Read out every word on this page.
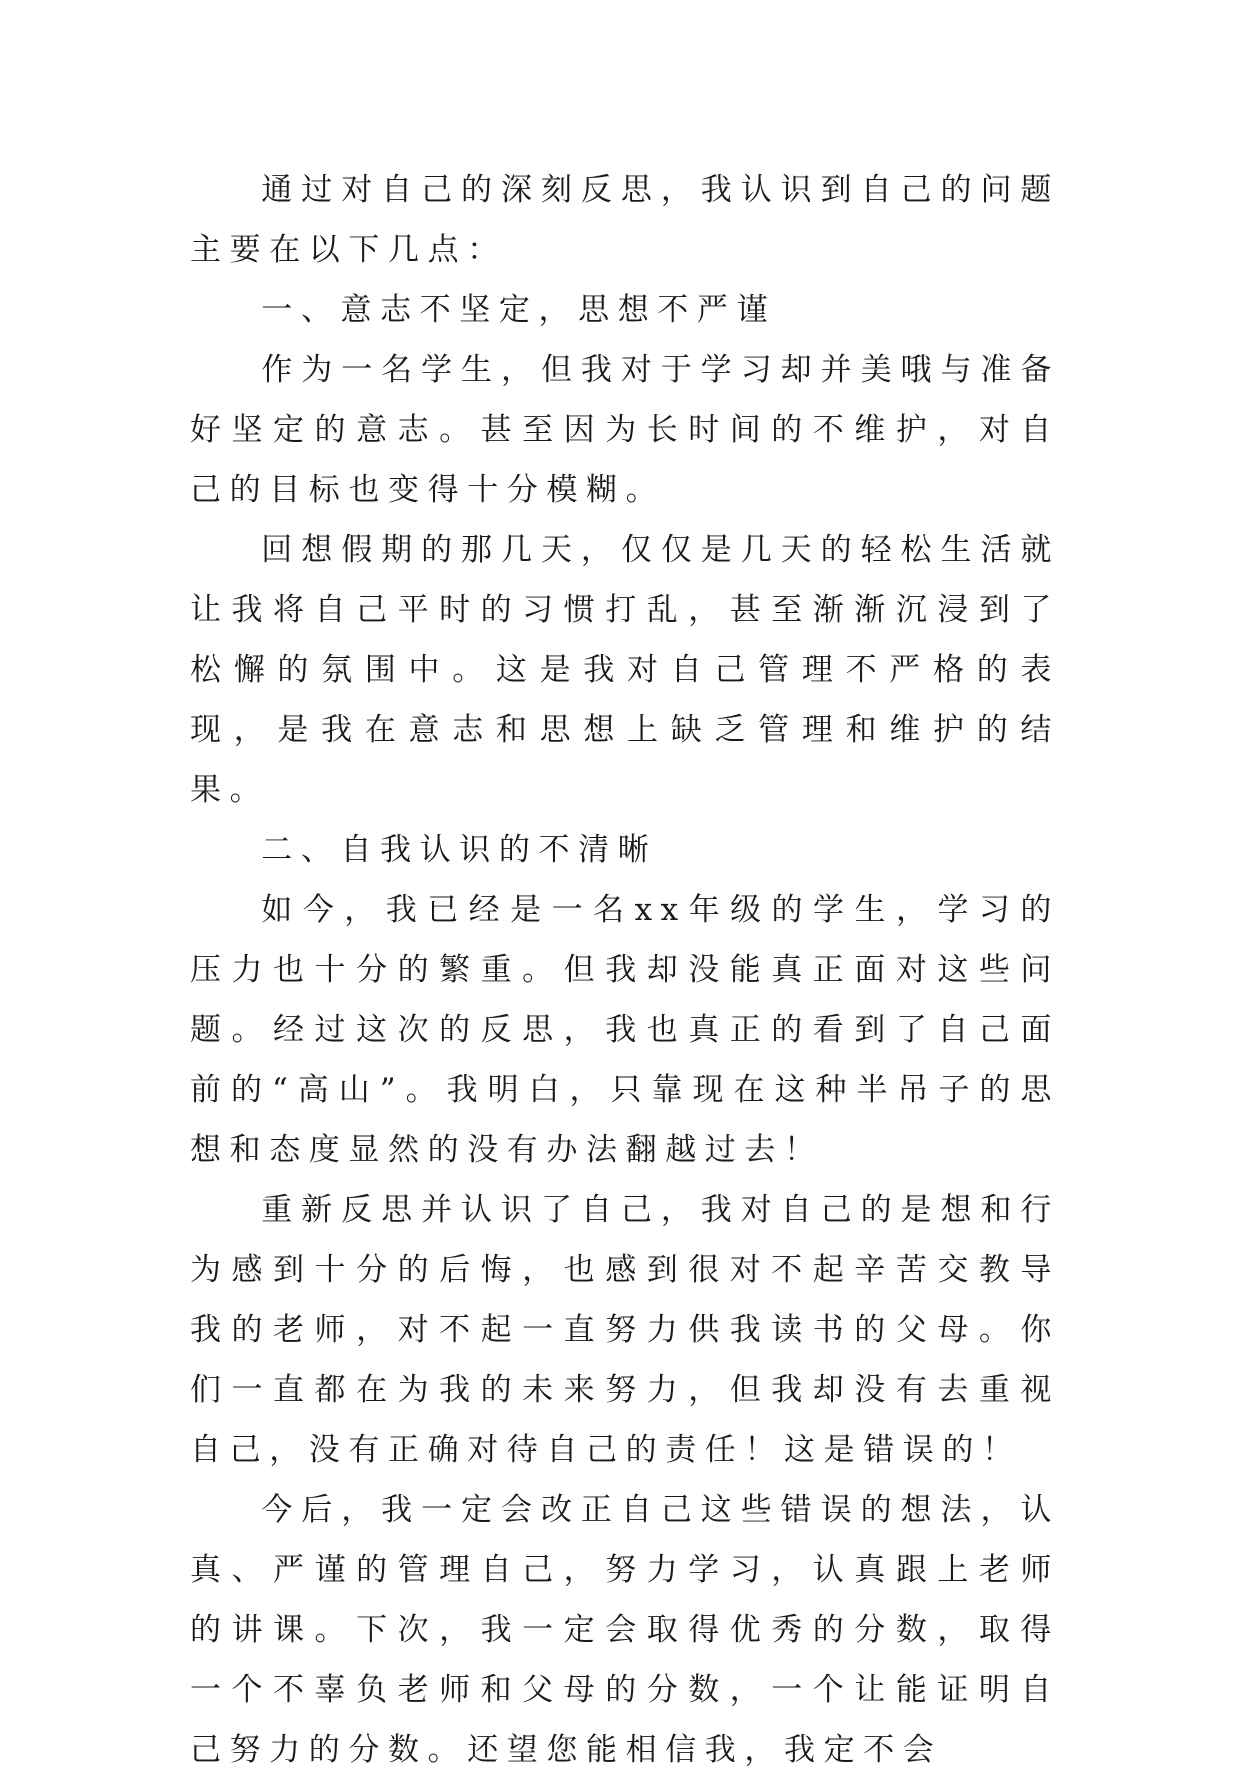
通过对自己的深刻反思，我认识到自己的问题主要在以下几点：

一、意志不坚定，思想不严谨

作为一名学生，但我对于学习却并美哦与准备好坚定的意志。甚至因为长时间的不维护，对自己的目标也变得十分模糊。

回想假期的那几天，仅仅是几天的轻松生活就让我将自己平时的习惯打乱，甚至渐渐沉浸到了松懈的氛围中。这是我对自己管理不严格的表现，是我在意志和思想上缺乏管理和维护的结果。

二、自我认识的不清晰

如今，我已经是一名xx年级的学生，学习的压力也十分的繁重。但我却没能真正面对这些问题。经过这次的反思，我也真正的看到了自己面前的“高山”。我明白，只靠现在这种半吊子的思想和态度显然的没有办法翻越过去！

重新反思并认识了自己，我对自己的是想和行为感到十分的后悔，也感到很对不起辛苦交教导我的老师，对不起一直努力供我读书的父母。你们一直都在为我的未来努力，但我却没有去重视自己，没有正确对待自己的责任！这是错误的！

今后，我一定会改正自己这些错误的想法，认真、严谨的管理自己，努力学习，认真跟上老师的讲课。下次，我一定会取得优秀的分数，取得一个不辜负老师和父母的分数，一个让能证明自己努力的分数。还望您能相信我，我定不会
